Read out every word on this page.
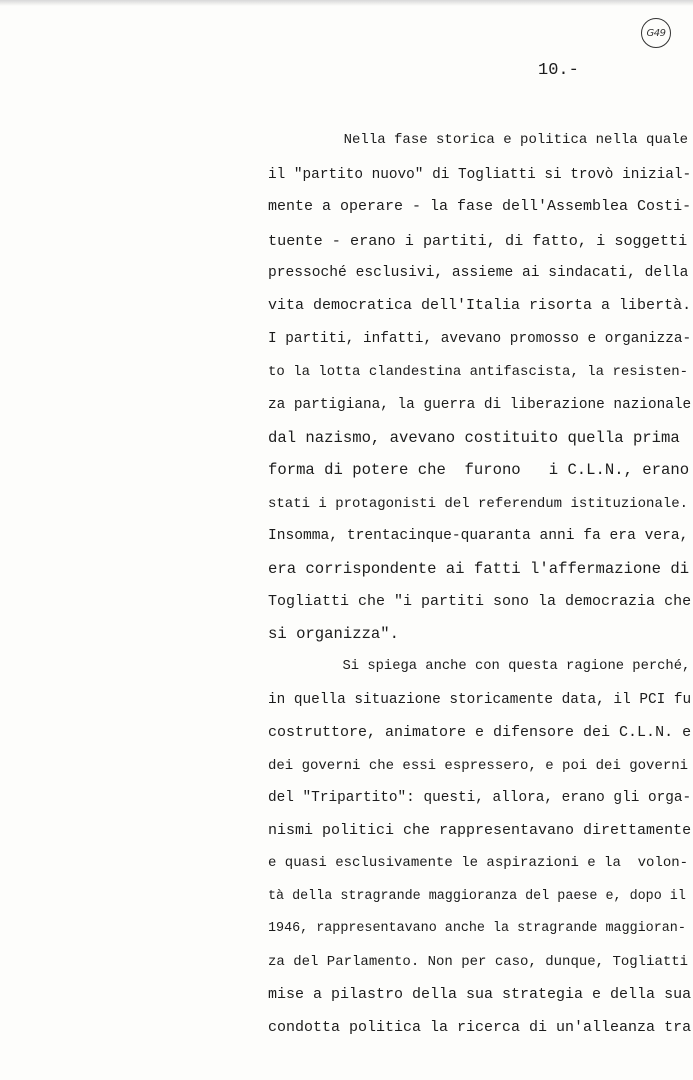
G49
10.-
Nella fase storica e politica nella quale
il "partito nuovo" di Togliatti si trovò inizial-
mente a operare - la fase dell'Assemblea Costi-
tuente - erano i partiti, di fatto, i soggetti
pressoché esclusivi, assieme ai sindacati, della
vita democratica dell'Italia risorta a libertà.
I partiti, infatti, avevano promosso e organizza-
to la lotta clandestina antifascista, la resisten-
za partigiana, la guerra di liberazione nazionale
dal nazismo, avevano costituito quella prima
forma di potere che  furono   i C.L.N., erano
stati i protagonisti del referendum istituzionale.
Insomma, trentacinque-quaranta anni fa era vera,
era corrispondente ai fatti l'affermazione di
Togliatti che "i partiti sono la democrazia che
si organizza".
Si spiega anche con questa ragione perché,
in quella situazione storicamente data, il PCI fu
costruttore, animatore e difensore dei C.L.N. e
dei governi che essi espressero, e poi dei governi
del "Tripartito": questi, allora, erano gli orga-
nismi politici che rappresentavano direttamente
e quasi esclusivamente le aspirazioni e la  volon-
tà della stragrande maggioranza del paese e, dopo il
1946, rappresentavano anche la stragrande maggioran-
za del Parlamento. Non per caso, dunque, Togliatti
mise a pilastro della sua strategia e della sua
condotta politica la ricerca di un'alleanza tra
